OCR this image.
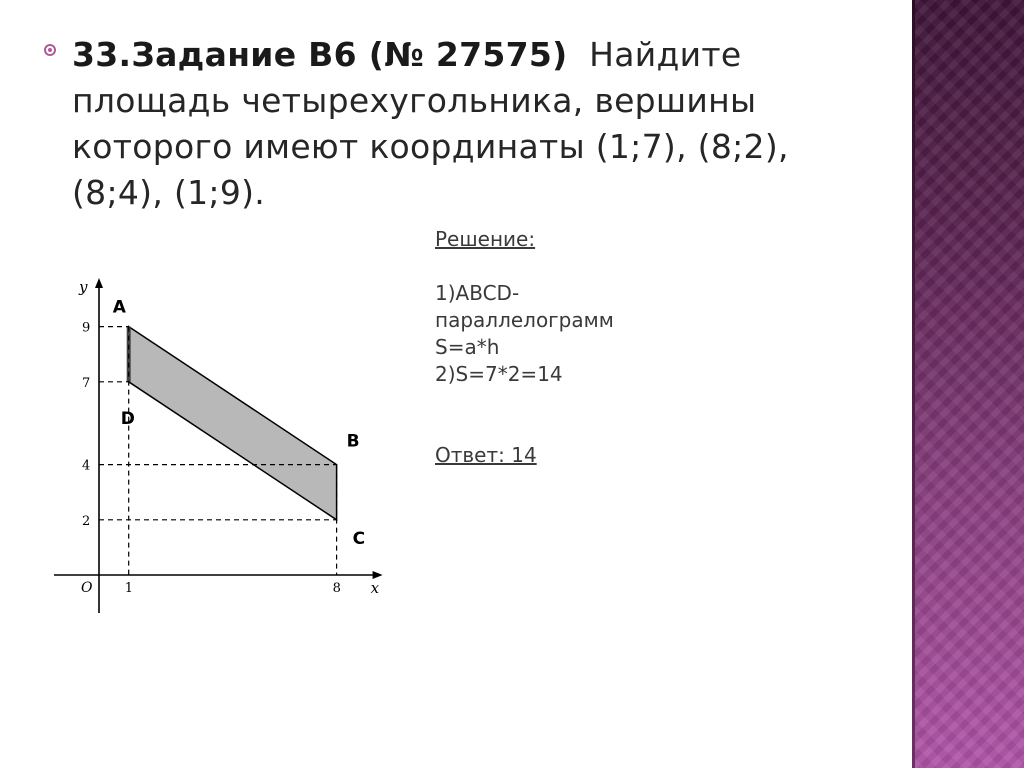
33.Задание B6 (№ 27575) Найдите площадь четырехугольника, вершины которого имеют координаты (1;7), (8;2), (8;4), (1;9).
x
y
O 1	8
2
4
7
9
A
B
C
D
Решение:
1)ABCD-
параллелограмм
S=a*h
2)S=7*2=14
Ответ: 14
